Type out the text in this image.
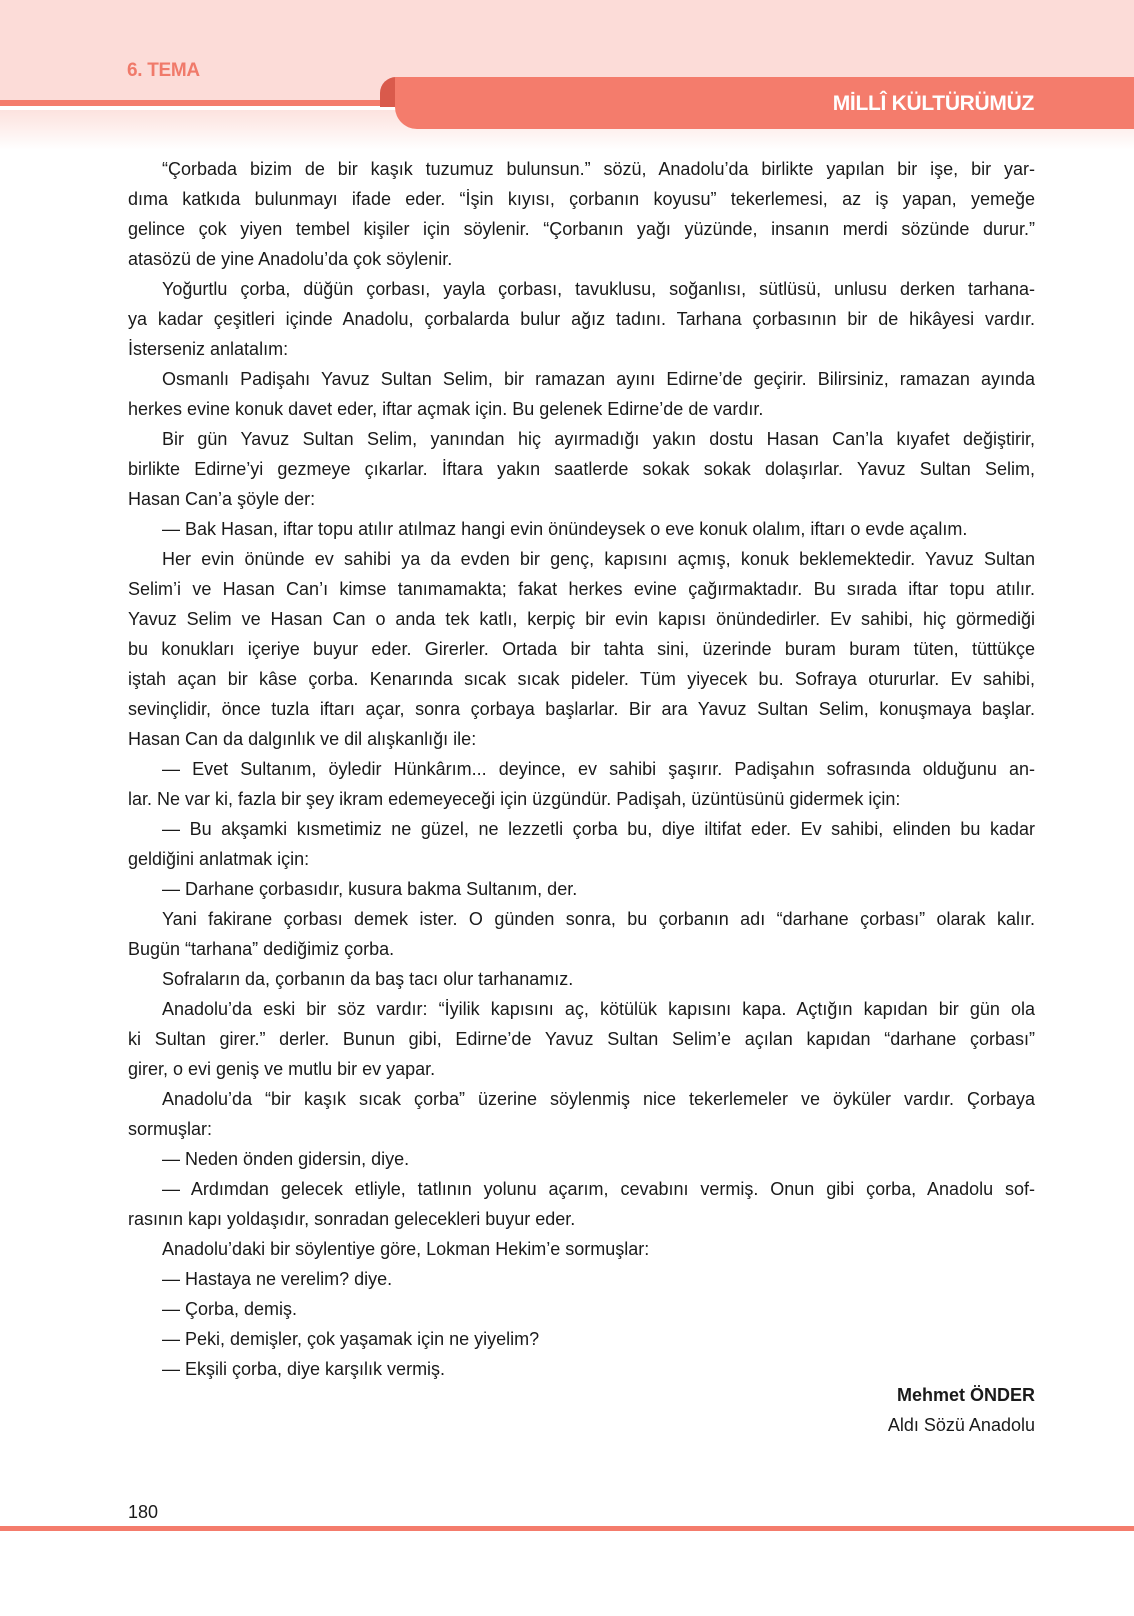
6. TEMA
MİLLÎ KÜLTÜRÜMÜZ
“Çorbada bizim de bir kaşık tuzumuz bulunsun.” sözü, Anadolu’da birlikte yapılan bir işe, bir yar-
dıma katkıda bulunmayı ifade eder. “İşin kıyısı, çorbanın koyusu” tekerlemesi, az iş yapan, yemeğe
gelince çok yiyen tembel kişiler için söylenir. “Çorbanın yağı yüzünde, insanın merdi sözünde durur.”
atasözü de yine Anadolu’da çok söylenir.
Yoğurtlu çorba, düğün çorbası, yayla çorbası, tavuklusu, soğanlısı, sütlüsü, unlusu derken tarhana-
ya kadar çeşitleri içinde Anadolu, çorbalarda bulur ağız tadını. Tarhana çorbasının bir de hikâyesi vardır.
İsterseniz anlatalım:
Osmanlı Padişahı Yavuz Sultan Selim, bir ramazan ayını Edirne’de geçirir. Bilirsiniz, ramazan ayında
herkes evine konuk davet eder, iftar açmak için. Bu gelenek Edirne’de de vardır.
Bir gün Yavuz Sultan Selim, yanından hiç ayırmadığı yakın dostu Hasan Can’la kıyafet değiştirir,
birlikte Edirne’yi gezmeye çıkarlar. İftara yakın saatlerde sokak sokak dolaşırlar. Yavuz Sultan Selim,
Hasan Can’a şöyle der:
— Bak Hasan, iftar topu atılır atılmaz hangi evin önündeysek o eve konuk olalım, iftarı o evde açalım.
Her evin önünde ev sahibi ya da evden bir genç, kapısını açmış, konuk beklemektedir. Yavuz Sultan
Selim’i ve Hasan Can’ı kimse tanımamakta; fakat herkes evine çağırmaktadır. Bu sırada iftar topu atılır.
Yavuz Selim ve Hasan Can o anda tek katlı, kerpiç bir evin kapısı önündedirler. Ev sahibi, hiç görmediği
bu konukları içeriye buyur eder. Girerler. Ortada bir tahta sini, üzerinde buram buram tüten, tüttükçe
iştah açan bir kâse çorba. Kenarında sıcak sıcak pideler. Tüm yiyecek bu. Sofraya otururlar. Ev sahibi,
sevinçlidir, önce tuzla iftarı açar, sonra çorbaya başlarlar. Bir ara Yavuz Sultan Selim, konuşmaya başlar.
Hasan Can da dalgınlık ve dil alışkanlığı ile:
— Evet Sultanım, öyledir Hünkârım... deyince, ev sahibi şaşırır. Padişahın sofrasında olduğunu an-
lar. Ne var ki, fazla bir şey ikram edemeyeceği için üzgündür. Padişah, üzüntüsünü gidermek için:
— Bu akşamki kısmetimiz ne güzel, ne lezzetli çorba bu, diye iltifat eder. Ev sahibi, elinden bu kadar
geldiğini anlatmak için:
— Darhane çorbasıdır, kusura bakma Sultanım, der.
Yani fakirane çorbası demek ister. O günden sonra, bu çorbanın adı “darhane çorbası” olarak kalır.
Bugün “tarhana” dediğimiz çorba.
Sofraların da, çorbanın da baş tacı olur tarhanamız.
Anadolu’da eski bir söz vardır: “İyilik kapısını aç, kötülük kapısını kapa. Açtığın kapıdan bir gün ola
ki Sultan girer.” derler. Bunun gibi, Edirne’de Yavuz Sultan Selim’e açılan kapıdan “darhane çorbası”
girer, o evi geniş ve mutlu bir ev yapar.
Anadolu’da “bir kaşık sıcak çorba” üzerine söylenmiş nice tekerlemeler ve öyküler vardır. Çorbaya
sormuşlar:
— Neden önden gidersin, diye.
— Ardımdan gelecek etliyle, tatlının yolunu açarım, cevabını vermiş. Onun gibi çorba, Anadolu sof-
rasının kapı yoldaşıdır, sonradan gelecekleri buyur eder.
Anadolu’daki bir söylentiye göre, Lokman Hekim’e sormuşlar:
— Hastaya ne verelim? diye.
— Çorba, demiş.
— Peki, demişler, çok yaşamak için ne yiyelim?
— Ekşili çorba, diye karşılık vermiş.
Mehmet ÖNDER
Aldı Sözü Anadolu
180
